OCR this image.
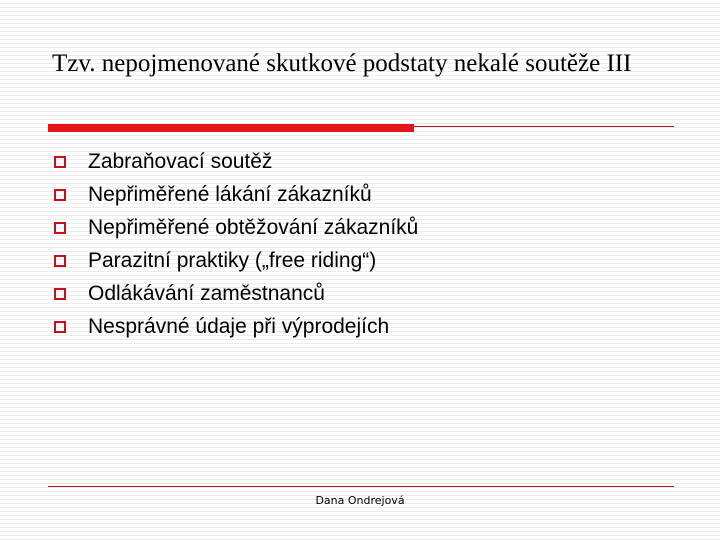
Tzv. nepojmenované skutkové podstaty nekalé soutěže III
Zabraňovací soutěž
Nepřiměřené lákání zákazníků
Nepřiměřené obtěžování zákazníků
Parazitní praktiky („free riding“)
Odlákávání zaměstnanců
Nesprávné údaje při výprodejích
Dana Ondrejová
